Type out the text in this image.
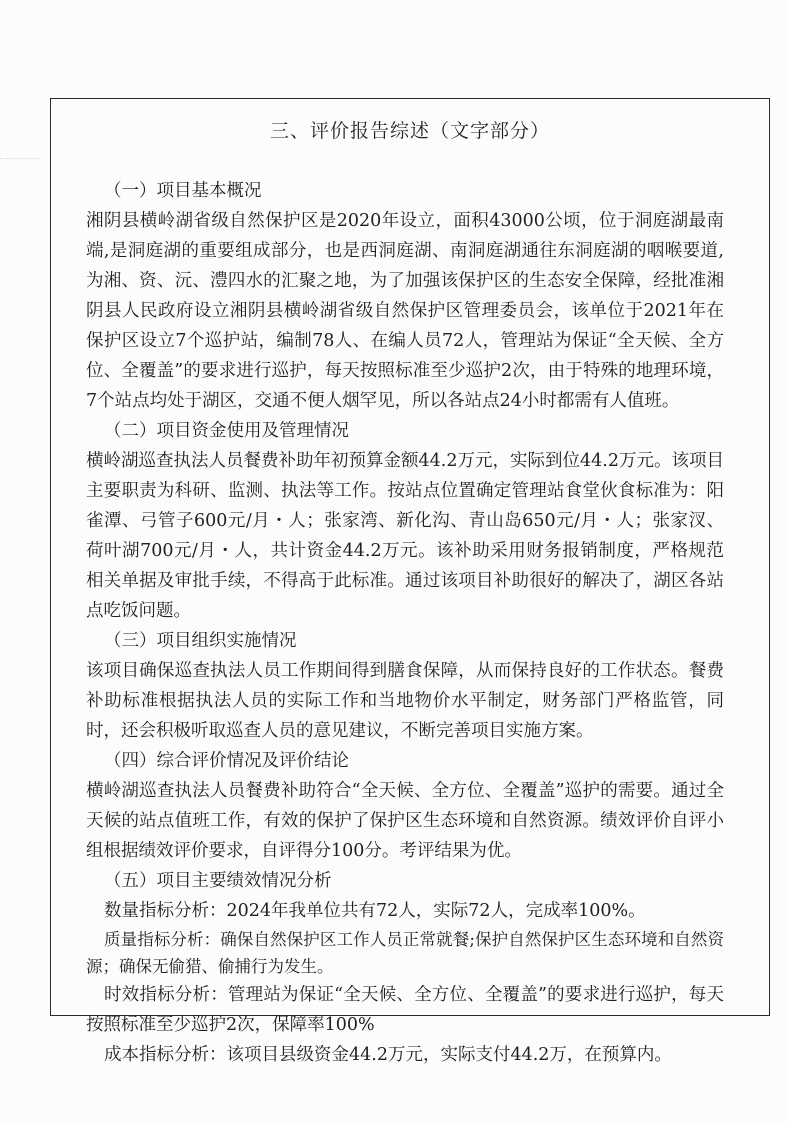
三、评价报告综述（文字部分）

（一）项目基本概况

湘阴县横岭湖省级自然保护区是2020年设立，面积43000公顷，位于洞庭湖最南端,是洞庭湖的重要组成部分，也是西洞庭湖、南洞庭湖通往东洞庭湖的咽喉要道,为湘、资、沅、澧四水的汇聚之地，为了加强该保护区的生态安全保障，经批准湘阴县人民政府设立湘阴县横岭湖省级自然保护区管理委员会，该单位于2021年在保护区设立7个巡护站，编制78人、在编人员72人，管理站为保证“全天候、全方位、全覆盖”的要求进行巡护，每天按照标准至少巡护2次，由于特殊的地理环境，7个站点均处于湖区，交通不便人烟罕见，所以各站点24小时都需有人值班。

（二）项目资金使用及管理情况

横岭湖巡查执法人员餐费补助年初预算金额44.2万元，实际到位44.2万元。该项目主要职责为科研、监测、执法等工作。按站点位置确定管理站食堂伙食标准为：阳雀潭、弓管子600元/月・人；张家湾、新化沟、青山岛650元/月・人；张家汊、荷叶湖700元/月・人，共计资金44.2万元。该补助采用财务报销制度，严格规范相关单据及审批手续，不得高于此标准。通过该项目补助很好的解决了，湖区各站点吃饭问题。

（三）项目组织实施情况

该项目确保巡查执法人员工作期间得到膳食保障，从而保持良好的工作状态。餐费补助标准根据执法人员的实际工作和当地物价水平制定，财务部门严格监管，同时，还会积极听取巡查人员的意见建议，不断完善项目实施方案。

（四）综合评价情况及评价结论

横岭湖巡查执法人员餐费补助符合“全天候、全方位、全覆盖”巡护的需要。通过全天候的站点值班工作，有效的保护了保护区生态环境和自然资源。绩效评价自评小组根据绩效评价要求，自评得分100分。考评结果为优。

（五）项目主要绩效情况分析

数量指标分析：2024年我单位共有72人，实际72人，完成率100%。

质量指标分析：确保自然保护区工作人员正常就餐;保护自然保护区生态环境和自然资源；确保无偷猎、偷捕行为发生。

时效指标分析：管理站为保证“全天候、全方位、全覆盖”的要求进行巡护，每天按照标准至少巡护2次，保障率100%

成本指标分析：该项目县级资金44.2万元，实际支付44.2万，在预算内。
